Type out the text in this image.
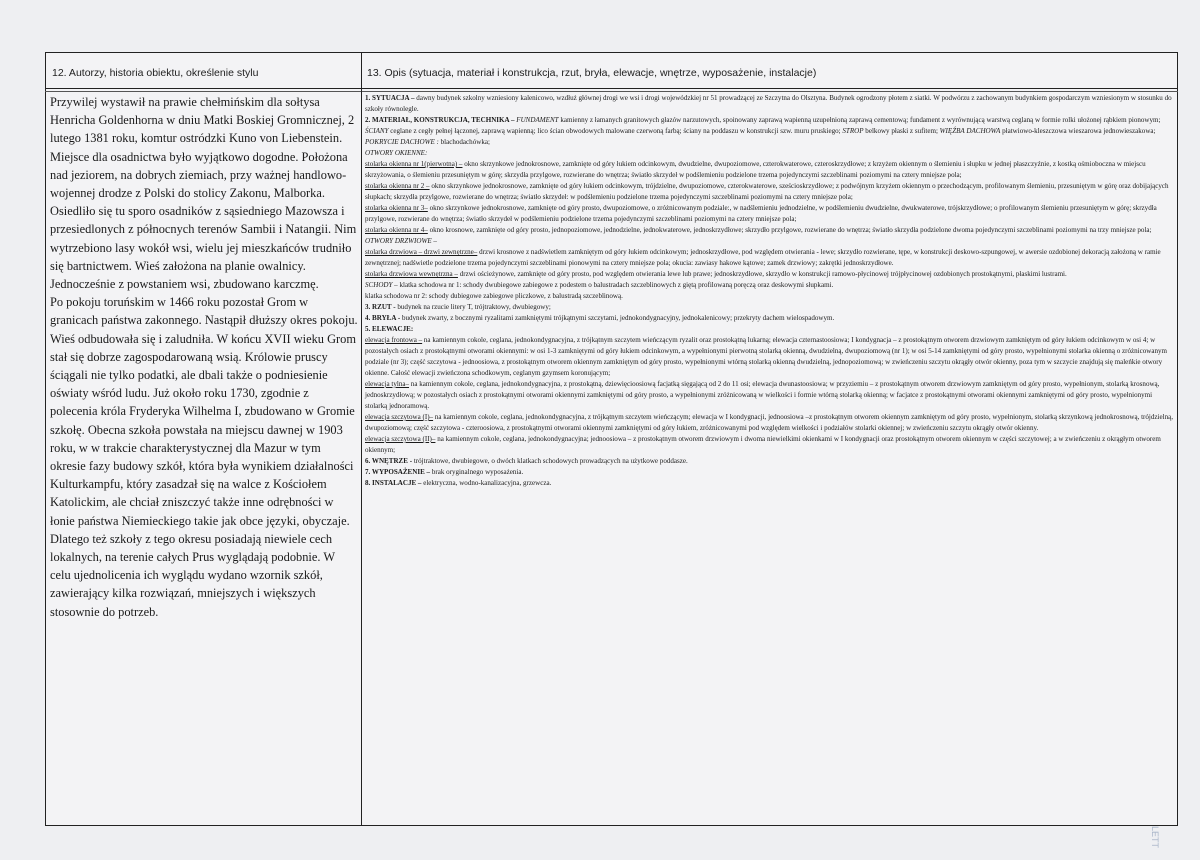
12. Autorzy, historia obiektu, określenie stylu	13. Opis (sytuacja, materiał i konstrukcja, rzut, bryła, elewacje, wnętrze, wyposażenie, instalacje)

Przywilej wystawił na prawie chełmińskim dla sołtysa Henricha Goldenhorna w dniu Matki Boskiej Gromnicznej, 2 lutego 1381 roku, komtur ostródzki Kuno von Liebenstein. Miejsce dla osadnictwa było wyjątkowo dogodne. Położona nad jeziorem, na dobrych ziemiach, przy ważnej handlowo-wojennej drodze z Polski do stolicy Zakonu, Malborka. Osiedliło się tu sporo osadników z sąsiedniego Mazowsza i przesiedlonych z północnych terenów Sambii i Natangii. Nim wytrzebiono lasy wokół wsi, wielu jej mieszkańców trudniło się bartnictwem. Wieś założona na planie owalnicy. Jednocześnie z powstaniem wsi, zbudowano karczmę.

Po pokoju toruńskim w 1466 roku pozostał Grom w granicach państwa zakonnego. Nastąpił dłuższy okres pokoju. Wieś odbudowała się i zaludniła. W końcu XVII wieku Grom stał się dobrze zagospodarowaną wsią. Królowie pruscy ściągali nie tylko podatki, ale dbali także o podniesienie oświaty wśród ludu. Już około roku 1730, zgodnie z polecenia króla Fryderyka Wilhelma I, zbudowano w Gromie szkołę. Obecna szkoła powstała na miejscu dawnej w 1903 roku, w w trakcie charakterystycznej dla Mazur w tym okresie fazy budowy szkół, która była wynikiem działalności Kulturkampfu, który zasadzał się na walce z Kościołem Katolickim, ale chciał zniszczyć także inne odrębności w łonie państwa Niemieckiego takie jak obce języki, obyczaje. Dlatego też szkoły z tego okresu posiadają niewiele cech lokalnych, na terenie całych Prus wyglądają podobnie. W celu ujednolicenia ich wyglądu wydano wzornik szkół, zawierający kilka rozwiązań, mniejszych i większych stosownie do potrzeb.

1. SYTUACJA – dawny budynek szkolny wzniesiony kalenicowo, wzdłuż głównej drogi we wsi i drogi wojewódzkiej nr 51 prowadzącej ze Szczytna do Olsztyna. Budynek ogrodzony płotem z siatki. W podwórzu z zachowanym budynkiem gospodarczym wzniesionym w stosunku do szkoły równolegle.

2. MATERIAŁ, KONSTRUKCJA, TECHNIKA – FUNDAMENT kamienny z łamanych granitowych głazów narzutowych, spoinowany zaprawą wapienną uzupełnioną zaprawą cementową; fundament z wyrównującą warstwą ceglaną w formie rolki ułożonej rąbkiem pionowym; ŚCIANY ceglane z cegły pełnej łączonej, zaprawą wapienną; lico ścian obwodowych malowane czerwoną farbą; ściany na poddaszu w konstrukcji szw. muru pruskiego; STROP belkowy płaski z sufitem; WIĘŹBA DACHOWA płatwiowo-kleszczowa wieszarowa jednowieszakowa;

POKRYCIE DACHOWE : blachodachówka;

OTWORY OKIENNE:

stolarka okienna nr 1(pierwotna) – okno skrzynkowe jednokrosnowe, zamknięte od góry łukiem odcinkowym, dwudzielne, dwupoziomowe, czterokwaterowe, czteroskrzydłowe; z krzyżem okiennym o ślemieniu i słupku w jednej płaszczyźnie, z kostką ośmioboczna w miejscu skrzyżowania, o ślemieniu przesuniętym w górę; skrzydła przylgowe, rozwierane do wnętrza; światło skrzydeł w podślemieniu podzielone trzema pojedynczymi szczeblinami poziomymi na cztery mniejsze pola;

stolarka okienna nr 2 – okno skrzynkowe jednokrosnowe, zamknięte od góry łukiem odcinkowym, trójdzielne, dwupoziomowe, czterokwaterowe, sześcioskrzydłowe; z podwójnym krzyżem okiennym o przechodzącym, profilowanym ślemieniu, przesuniętym w górę oraz dobijających słupkach; skrzydła przylgowe, rozwierane do wnętrza; światło skrzydeł: w podślemieniu podzielone trzema pojedynczymi szczeblinami poziomymi na cztery mniejsze pola;

stolarka okienna nr 3– okno skrzynkowe jednokrosnowe, zamknięte od góry prosto, dwupoziomowe, o zróżnicowanym podziale:, w nadślemieniu jednodzielne, w podślemieniu dwudzielne, dwukwaterowe, trójskrzydłowe; o profilowanym ślemieniu przesuniętym w górę; skrzydła przylgowe, rozwierane do wnętrza; światło skrzydeł w podślemieniu podzielone trzema pojedynczymi szczeblinami poziomymi na cztery mniejsze pola;

stolarka okienna nr 4– okno krosnowe, zamknięte od góry prosto, jednopoziomowe, jednodzielne, jednokwaterowe, jednoskrzydłowe; skrzydło przylgowe, rozwierane do wnętrza; światło skrzydła podzielone dwoma pojedynczymi szczeblinami poziomymi na trzy mniejsze pola;

OTWORY DRZWIOWE –

stolarka drzwiowa – drzwi zewnętrzne– drzwi krosnowe z nadświetlem zamkniętym od góry łukiem odcinkowym; jednoskrzydłowe, pod względem otwierania - lewe; skrzydło rozwierane, tępe, w konstrukcji deskowo-szpungowej, w awersie ozdobionej dekoracją założoną w ramie zewnętrznej; nadświetle podzielone trzema pojedynczymi szczeblinami pionowymi na cztery mniejsze pola; okucia: zawiasy hakowe kątowe; zamek drzwiowy; zakrętki jednoskrzydłowe.

stolarka drzwiowa wewnętrzna – drzwi ościeżynowe, zamknięte od góry prosto, pod względem otwierania lewe lub prawe; jednoskrzydłowe, skrzydło w konstrukcji ramowo-płycinowej trójpłycinowej ozdobionych prostokątnymi, płaskimi lustrami.

SCHODY – klatka schodowa nr 1: schody dwubiegowe zabiegowe z podestem o balustradach szczeblinowych z giętą profilowaną poręczą oraz deskowymi słupkami.

klatka schodowa nr 2: schody dubiegowe zabiegowe pliczkowe, z balustradą szczeblinową.

3. RZUT - budynek na rzucie litery T, trójtraktowy, dwubiegowy;

4. BRYŁA - budynek zwarty, z bocznymi ryzalitami zamkniętymi trójkątnymi szczytami, jednokondygnacyjny, jednokalenicowy; przekryty dachem wielospadowym.

5. ELEWACJE:

elewacja frontowa – na kamiennym cokole, ceglana, jednokondygnacyjna, z trójkątnym szczytem wieńczącym ryzalit oraz prostokątną lukarną; elewacja czternastoosiowa; I kondygnacja – z prostokątnym otworem drzwiowym zamkniętym od góry łukiem odcinkowym w osi 4; w pozostałych osiach z prostokątnymi otworami okiennymi: w osi 1-3 zamkniętymi od góry łukiem odcinkowym, a wypełnionymi pierwotną stolarką okienną, dwudzielną, dwupoziomową (nr 1); w osi 5-14 zamkniętymi od góry prosto, wypełnionymi stolarka okienną o zróżnicowanym podziale (nr 3); część szczytowa - jednoosiowa, z prostokątnym otworem okiennym zamkniętym od góry prosto, wypełnionymi wtórną stolarką okienną dwudzielną, jednopoziomową; w zwieńczeniu szczytu okrągły otwór okienny, poza tym w szczycie znajdują się maleńkie otwory okienne. Całość elewacji zwieńczona schodkowym, ceglanym gzymsem koronującym;

elewacja tylna– na kamiennym cokole, ceglana, jednokondygnacyjna, z prostokątną, dziewięcioosiową facjatką sięgającą od 2 do 11 osi; elewacja dwunastoosiowa; w przyziemiu – z prostokątnym otworem drzwiowym zamkniętym od góry prosto, wypełnionym, stolarką krosnową, jednoskrzydłową; w pozostałych osiach z prostokątnymi otworami okiennymi zamkniętymi od góry prosto, a wypełnionymi zróżnicowaną w wielkości i formie wtórną stolarką okienną; w facjatce z prostokątnymi otworami okiennymi zamkniętymi od góry prosto, wypełnionymi stolarką jednoramową.

elewacja szczytowa (I)– na kamiennym cokole, ceglana, jednokondygnacyjna, z trójkątnym szczytem wieńczącym; elewacja w I kondygnacji, jednoosiowa –z prostokątnym otworem okiennym zamkniętym od góry prosto, wypełnionym, stolarką skrzynkową jednokrosnową, trójdzielną, dwupoziomową; część szczytowa - czteroosiowa, z prostokątnymi otworami okiennymi zamkniętymi od góry łukiem, zróżnicowanymi pod względem wielkości i podziałów stolarki okiennej; w zwieńczeniu szczytu okrągły otwór okienny.

elewacja szczytowa (II)– na kamiennym cokole, ceglana, jednokondygnacyjna; jednoosiowa – z prostokątnym otworem drzwiowym i dwoma niewielkimi okienkami w I kondygnacji oraz prostokątnym otworem okiennym w części szczytowej; a w zwieńczeniu z okrągłym otworem okiennym;

6. WNĘTRZE - trójtraktowe, dwubiegowe, o dwóch klatkach schodowych prowadzących na użytkowe poddasze.

7. WYPOSAŻENIE – brak oryginalnego wyposażenia.

8. INSTALACJE – elektryczna, wodno-kanalizacyjna, grzewcza.

LETT
